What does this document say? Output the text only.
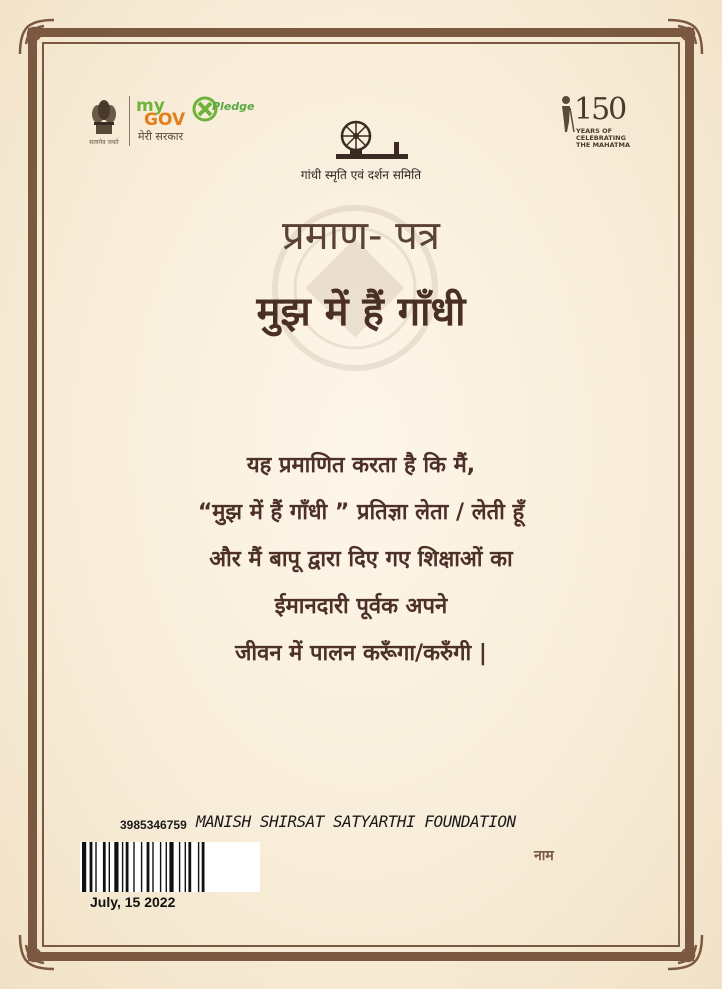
सत्यमेव जयते
my
GOV
Pledge
मेरी सरकार
150
YEARS OF
CELEBRATING
THE MAHATMA
गांधी स्मृति एवं दर्शन समिति
प्रमाण- पत्र
मुझ में हैं गाँधी
यह प्रमाणित करता है कि मैं,
“मुझ में हैं गाँधी ” प्रतिज्ञा लेता / लेती हूँ
और मैं बापू द्वारा दिए गए शिक्षाओं का
ईमानदारी पूर्वक अपने
जीवन में पालन करूँगा/करुँगी |
3985346759 MANISH SHIRSAT SATYARTHI FOUNDATION
नाम
July, 15 2022
